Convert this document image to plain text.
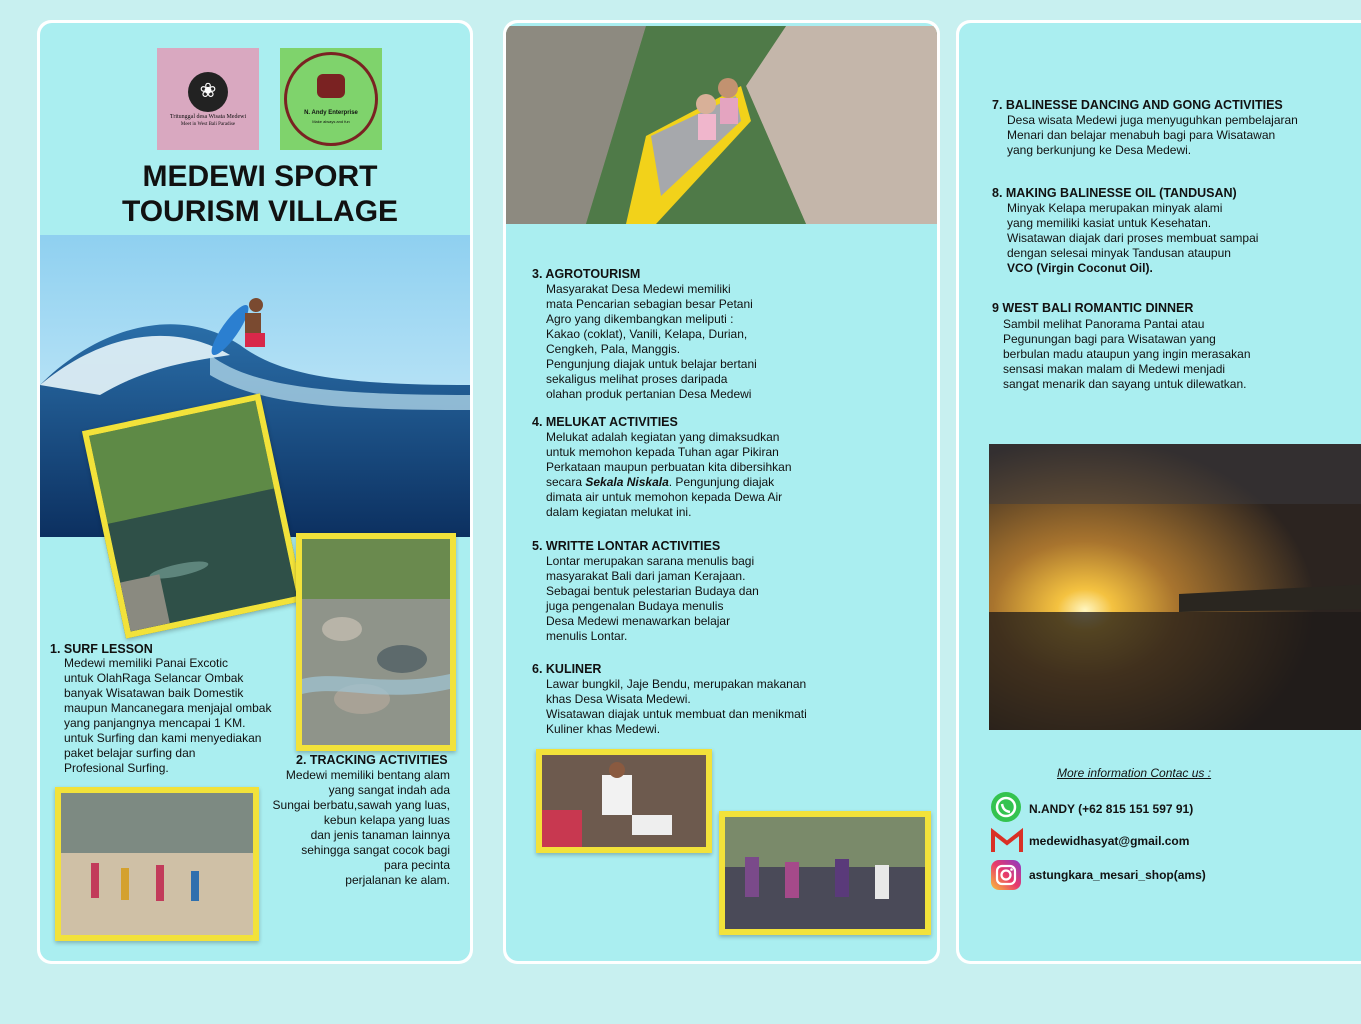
❀
Tritunggal desa Wisata Medewi
Meet in West Bali Paradise
N. Andy Enterprise
Make always and fun
MEDEWI SPORT
TOURISM VILLAGE
1. SURF LESSON
Medewi memiliki Panai Excotic
untuk OlahRaga Selancar Ombak
banyak Wisatawan baik Domestik
maupun Mancanegara menjajal ombak
yang panjangnya mencapai 1 KM.
untuk Surfing dan kami menyediakan
paket belajar surfing dan
Profesional Surfing.
2. TRACKING ACTIVITIES
Medewi memiliki bentang alam
yang sangat indah ada
Sungai berbatu,sawah yang luas,
kebun kelapa yang luas
dan jenis tanaman lainnya
sehingga sangat cocok bagi
para pecinta
perjalanan ke alam.
3. AGROTOURISM
Masyarakat Desa Medewi memiliki
mata Pencarian sebagian besar Petani
Agro yang dikembangkan meliputi :
Kakao (coklat), Vanili, Kelapa, Durian,
Cengkeh, Pala, Manggis.
Pengunjung diajak untuk belajar bertani
sekaligus melihat proses daripada
olahan produk pertanian Desa Medewi
4. MELUKAT ACTIVITIES
Melukat adalah kegiatan yang dimaksudkan
untuk memohon kepada Tuhan agar Pikiran
Perkataan maupun perbuatan kita dibersihkan
secara Sekala Niskala. Pengunjung diajak
dimata air untuk memohon kepada Dewa Air
dalam kegiatan melukat ini.
5. WRITTE LONTAR ACTIVITIES
Lontar merupakan sarana menulis bagi
masyarakat Bali dari jaman Kerajaan.
Sebagai bentuk pelestarian Budaya dan
juga pengenalan Budaya menulis
Desa Medewi menawarkan belajar
menulis Lontar.
6. KULINER
Lawar bungkil, Jaje Bendu, merupakan makanan
khas Desa Wisata Medewi.
Wisatawan diajak untuk membuat dan menikmati
Kuliner khas Medewi.
7. BALINESSE DANCING AND GONG ACTIVITIES
Desa wisata Medewi juga menyuguhkan pembelajaran
Menari dan belajar menabuh bagi para Wisatawan
yang berkunjung ke Desa Medewi.
8. MAKING BALINESSE OIL (TANDUSAN)
Minyak Kelapa merupakan minyak alami
yang memiliki kasiat untuk Kesehatan.
Wisatawan diajak dari proses membuat sampai
dengan selesai minyak Tandusan ataupun
VCO (Virgin Coconut Oil).
9 WEST BALI ROMANTIC DINNER
Sambil melihat Panorama Pantai atau
Pegunungan bagi para Wisatawan yang
berbulan madu ataupun yang ingin merasakan
sensasi makan malam di Medewi menjadi
sangat menarik dan sayang untuk dilewatkan.
More information Contac us :
N.ANDY (+62 815 151 597 91)
medewidhasyat@gmail.com
astungkara_mesari_shop(ams)
